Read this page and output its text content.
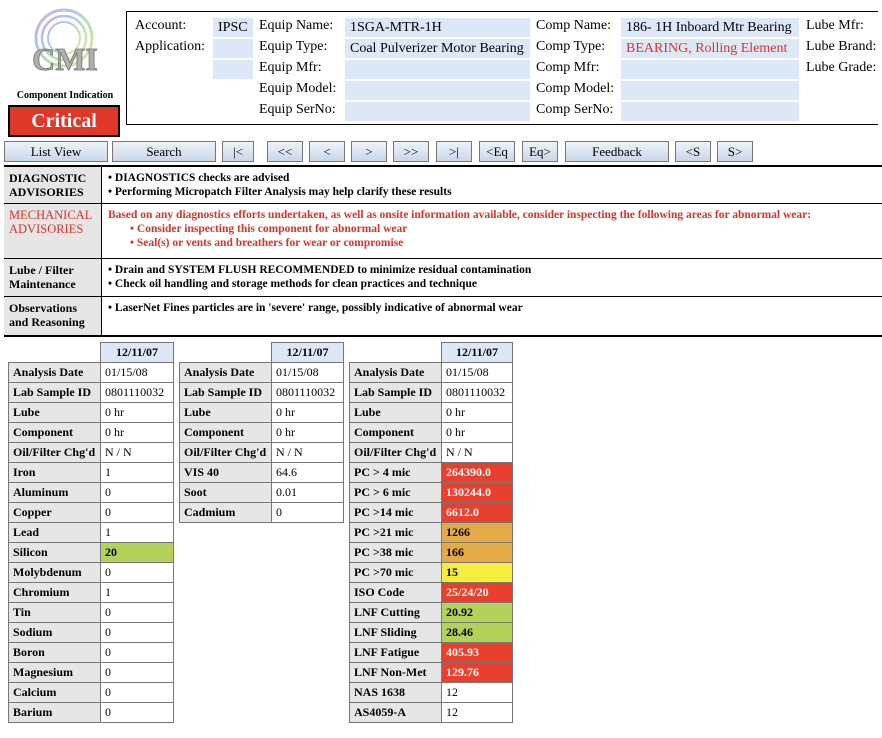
CMI
Component Indication
Critical
Account:	IPSC
Application:
Equip Name:	1SGA-MTR-1H
Equip Type:	Coal Pulverizer Motor Bearing
Equip Mfr:
Equip Model:
Equip SerNo:
Comp Name:	186- 1H Inboard Mtr Bearing
Comp Type:	BEARING, Rolling Element
Comp Mfr:
Comp Model:
Comp SerNo:
Lube Mfr:
Lube Brand:
Lube Grade:
List View	Search	|<	<<	<	>	>>	>|	<Eq	Eq>	Feedback	<S	S>
DIAGNOSTIC ADVISORIES
• DIAGNOSTICS checks are advised
• Performing Micropatch Filter Analysis may help clarify these results
MECHANICAL ADVISORIES
Based on any diagnostics efforts undertaken, as well as onsite information available, consider inspecting the following areas for abnormal wear:
• Consider inspecting this component for abnormal wear
• Seal(s) or vents and breathers for wear or compromise
Lube / Filter Maintenance
• Drain and SYSTEM FLUSH RECOMMENDED to minimize residual contamination
• Check oil handling and storage methods for clean practices and technique
Observations and Reasoning
• LaserNet Fines particles are in 'severe' range, possibly indicative of abnormal wear
	12/11/07
Analysis Date	01/15/08
Lab Sample ID	0801110032
Lube	0 hr
Component	0 hr
Oil/Filter Chg'd	N / N
Iron	1
Aluminum	0
Copper	0
Lead	1
Silicon	20
Molybdenum	0
Chromium	1
Tin	0
Sodium	0
Boron	0
Magnesium	0
Calcium	0
Barium	0
	12/11/07
Analysis Date	01/15/08
Lab Sample ID	0801110032
Lube	0 hr
Component	0 hr
Oil/Filter Chg'd	N / N
VIS 40	64.6
Soot	0.01
Cadmium	0
	12/11/07
Analysis Date	01/15/08
Lab Sample ID	0801110032
Lube	0 hr
Component	0 hr
Oil/Filter Chg'd	N / N
PC > 4 mic	264390.0
PC > 6 mic	130244.0
PC >14 mic	6612.0
PC >21 mic	1266
PC >38 mic	166
PC >70 mic	15
ISO Code	25/24/20
LNF Cutting	20.92
LNF Sliding	28.46
LNF Fatigue	405.93
LNF Non-Met	129.76
NAS 1638	12
AS4059-A	12
